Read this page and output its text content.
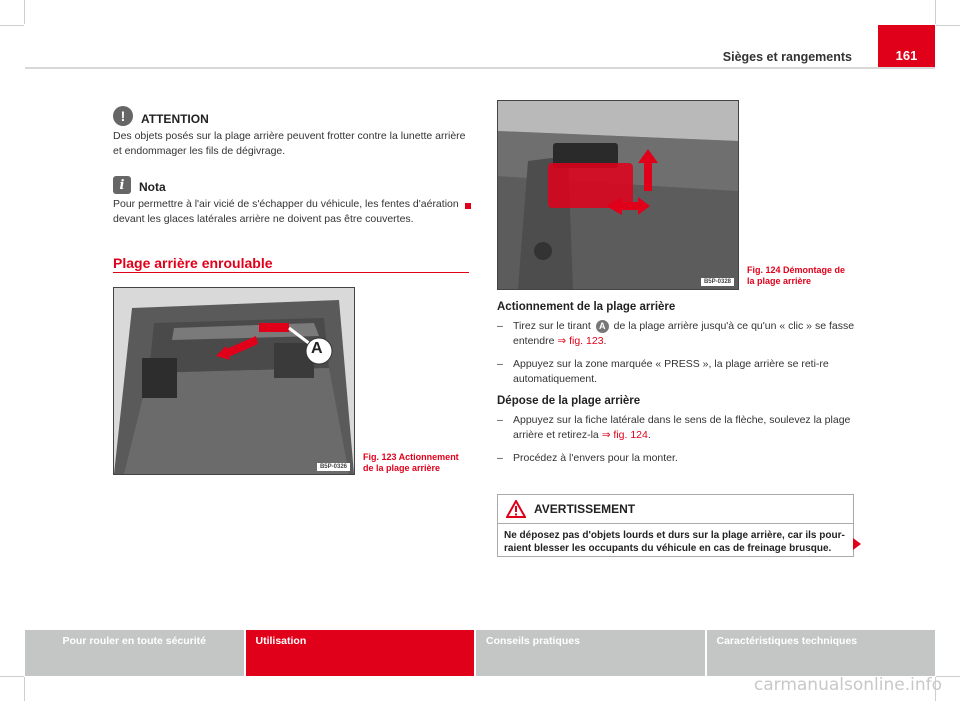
Sièges et rangements	161
!	ATTENTION

Des objets posés sur la plage arrière peuvent frotter contre la lunette arrière et endommager les fils de dégivrage.

i	Nota

Pour permettre à l'air vicié de s'échapper du véhicule, les fentes d'aération devant les glaces latérales arrière ne doivent pas être couvertes.

Plage arrière enroulable
A
B5P-0326
Fig. 123 Actionnement de la plage arrière
B5P-0328
Fig. 124 Démontage de la plage arrière

Actionnement de la plage arrière

– Tirez sur le tirant A de la plage arrière jusqu'à ce qu'un « clic » se fasse entendre ⇒ fig. 123.
– Appuyez sur la zone marquée « PRESS », la plage arrière se reti-re automatiquement.

Dépose de la plage arrière

– Appuyez sur la fiche latérale dans le sens de la flèche, soulevez la plage arrière et retirez-la ⇒ fig. 124.
– Procédez à l'envers pour la monter.
AVERTISSEMENT
Ne déposez pas d'objets lourds et durs sur la plage arrière, car ils pour-raient blesser les occupants du véhicule en cas de freinage brusque.
Pour rouler en toute sécurité	Utilisation	Conseils pratiques	Caractéristiques techniques
carmanualsonline.info
